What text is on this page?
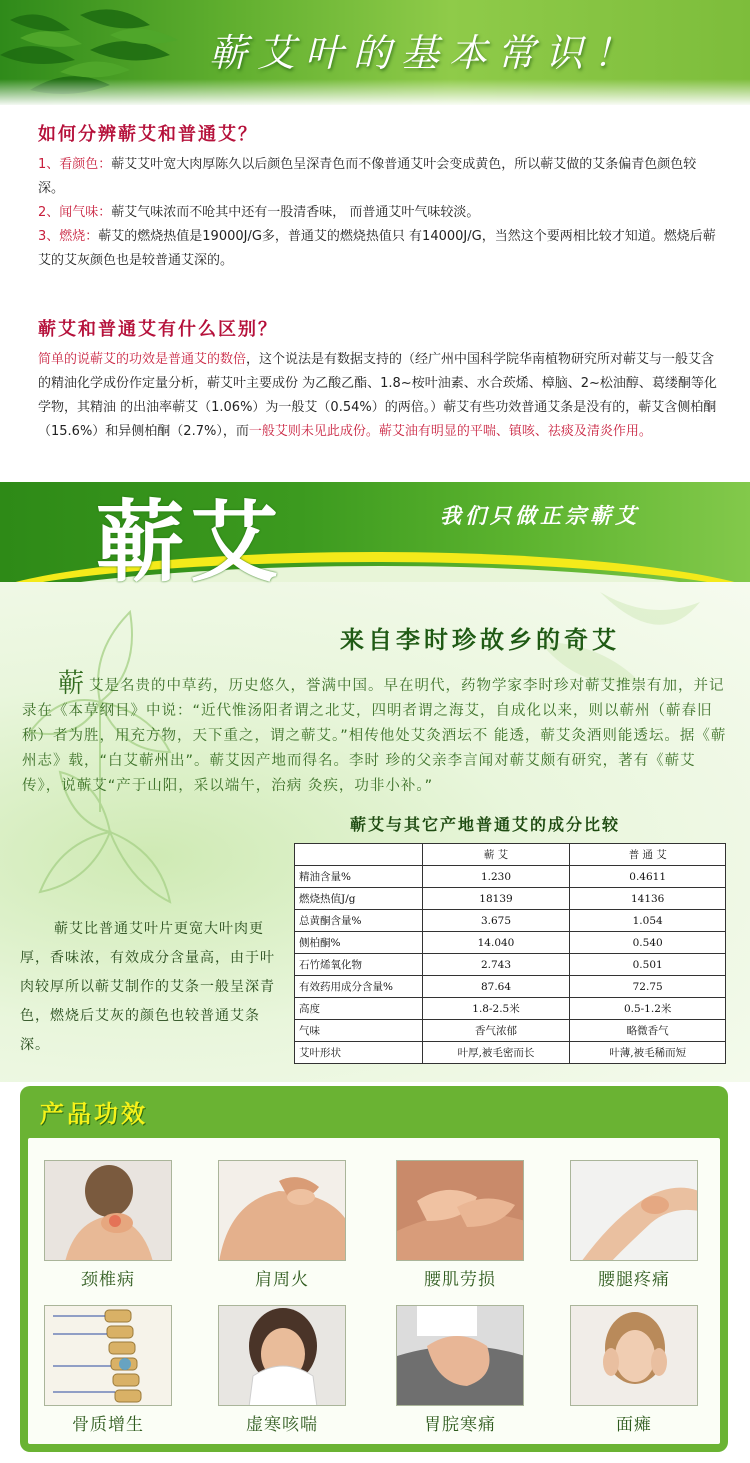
蕲艾叶的基本常识！
如何分辨蕲艾和普通艾？
1、看颜色：蕲艾艾叶宽大肉厚陈久以后颜色呈深青色而不像普通艾叶会变成黄色，所以蕲艾做的艾条偏青色颜色较深。
2、闻气味：蕲艾气味浓而不呛其中还有一股清香味， 而普通艾叶气味较淡。
3、燃烧：蕲艾的燃烧热值是19000J/G多，普通艾的燃烧热值只 有14000J/G，当然这个要两相比较才知道。燃烧后蕲艾的艾灰颜色也是较普通艾深的。
蕲艾和普通艾有什么区别？
简单的说蕲艾的功效是普通艾的数倍，这个说法是有数据支持的（经广州中国科学院华南植物研究所对蕲艾与一般艾含的精油化学成份作定量分析，蕲艾叶主要成份 为乙酸乙酯、1.8~桉叶油素、水合莰烯、樟脑、2~松油醇、葛缕酮等化学物，其精油 的出油率蕲艾（1.06%）为一般艾（0.54%）的两倍。）蕲艾有些功效普通艾条是没有的，蕲艾含侧柏酮（15.6%）和异侧柏酮（2.7%），而一般艾则未见此成份。蕲艾油有明显的平喘、镇咳、祛痰及清炎作用。
蕲艾	我们只做正宗蕲艾
来自李时珍故乡的奇艾
蕲艾是名贵的中草药，历史悠久，誉满中国。早在明代，药物学家李时珍对蕲艾推崇有加，并记录在《本草纲目》中说：“近代惟汤阳者谓之北艾，四明者谓之海艾，自成化以来，则以蕲州（蕲春旧称）者为胜，用充方物，天下重之，谓之蕲艾。”相传他处艾灸酒坛不 能透，蕲艾灸酒则能透坛。据《蕲州志》载，“白艾蕲州出”。蕲艾因产地而得名。李时 珍的父亲李言闻对蕲艾颇有研究，著有《蕲艾传》，说蕲艾“产于山阳，采以端午，治病 灸疾，功非小补。”
蕲艾与其它产地普通艾的成分比较
	蕲 艾	普 通 艾
精油含量%	1.230	0.4611
燃烧热值J/g	18139	14136
总黄酮含量%	3.675	1.054
侧柏酮%	14.040	0.540
石竹烯氧化物	2.743	0.501
有效药用成分含量%	87.64	72.75
高度	1.8-2.5米	0.5-1.2米
气味	香气浓郁	略微香气
艾叶形状	叶厚,被毛密而长	叶薄,被毛稀而短
蕲艾比普通艾叶片更宽大叶肉更厚，香味浓，有效成分含量高，由于叶肉较厚所以蕲艾制作的艾条一般呈深青色，燃烧后艾灰的颜色也较普通艾条深。
产品功效
颈椎病	肩周火	腰肌劳损	腰腿疼痛
骨质增生	虚寒咳喘	胃脘寒痛	面瘫
